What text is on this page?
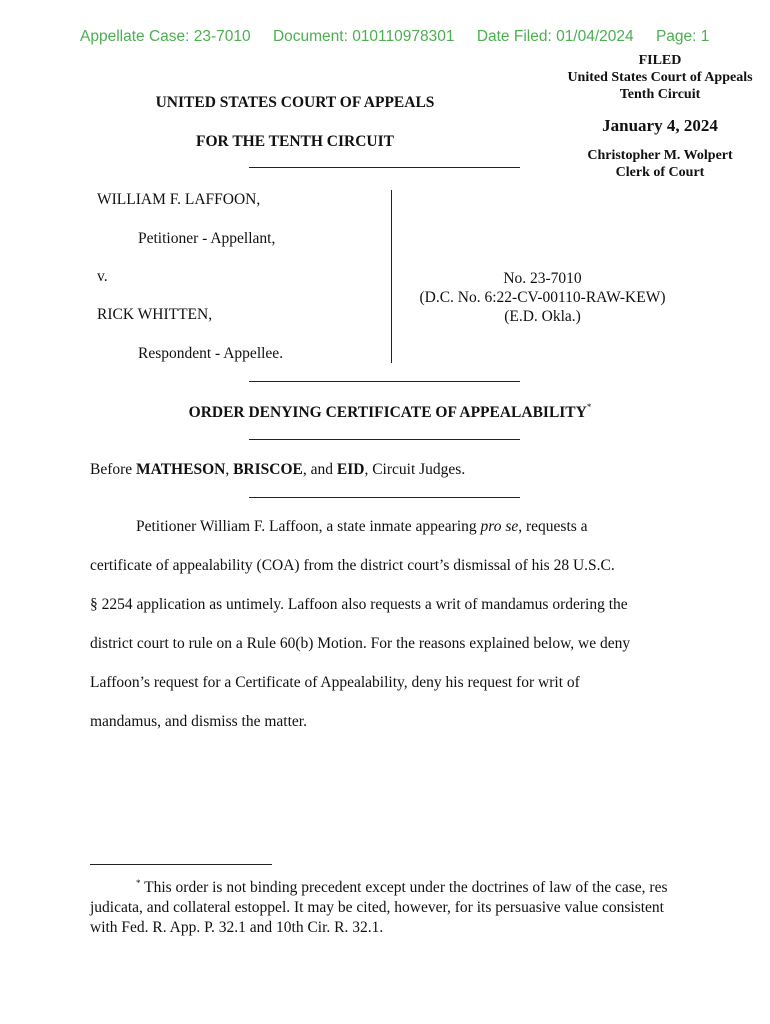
Appellate Case: 23-7010 Document: 010110978301 Date Filed: 01/04/2024 Page: 1
FILED
United States Court of Appeals
Tenth Circuit
January 4, 2024
Christopher M. Wolpert
Clerk of Court
UNITED STATES COURT OF APPEALS
FOR THE TENTH CIRCUIT
WILLIAM F. LAFFOON,
Petitioner - Appellant,
v.
RICK WHITTEN,
Respondent - Appellee.
No. 23-7010
(D.C. No. 6:22-CV-00110-RAW-KEW)
(E.D. Okla.)
ORDER DENYING CERTIFICATE OF APPEALABILITY*
Before MATHESON, BRISCOE, and EID, Circuit Judges.
Petitioner William F. Laffoon, a state inmate appearing pro se, requests a
certificate of appealability (COA) from the district court’s dismissal of his 28 U.S.C.
§ 2254 application as untimely. Laffoon also requests a writ of mandamus ordering the
district court to rule on a Rule 60(b) Motion. For the reasons explained below, we deny
Laffoon’s request for a Certificate of Appealability, deny his request for writ of
mandamus, and dismiss the matter.
* This order is not binding precedent except under the doctrines of law of the case, res judicata, and collateral estoppel. It may be cited, however, for its persuasive value consistent with Fed. R. App. P. 32.1 and 10th Cir. R. 32.1.
